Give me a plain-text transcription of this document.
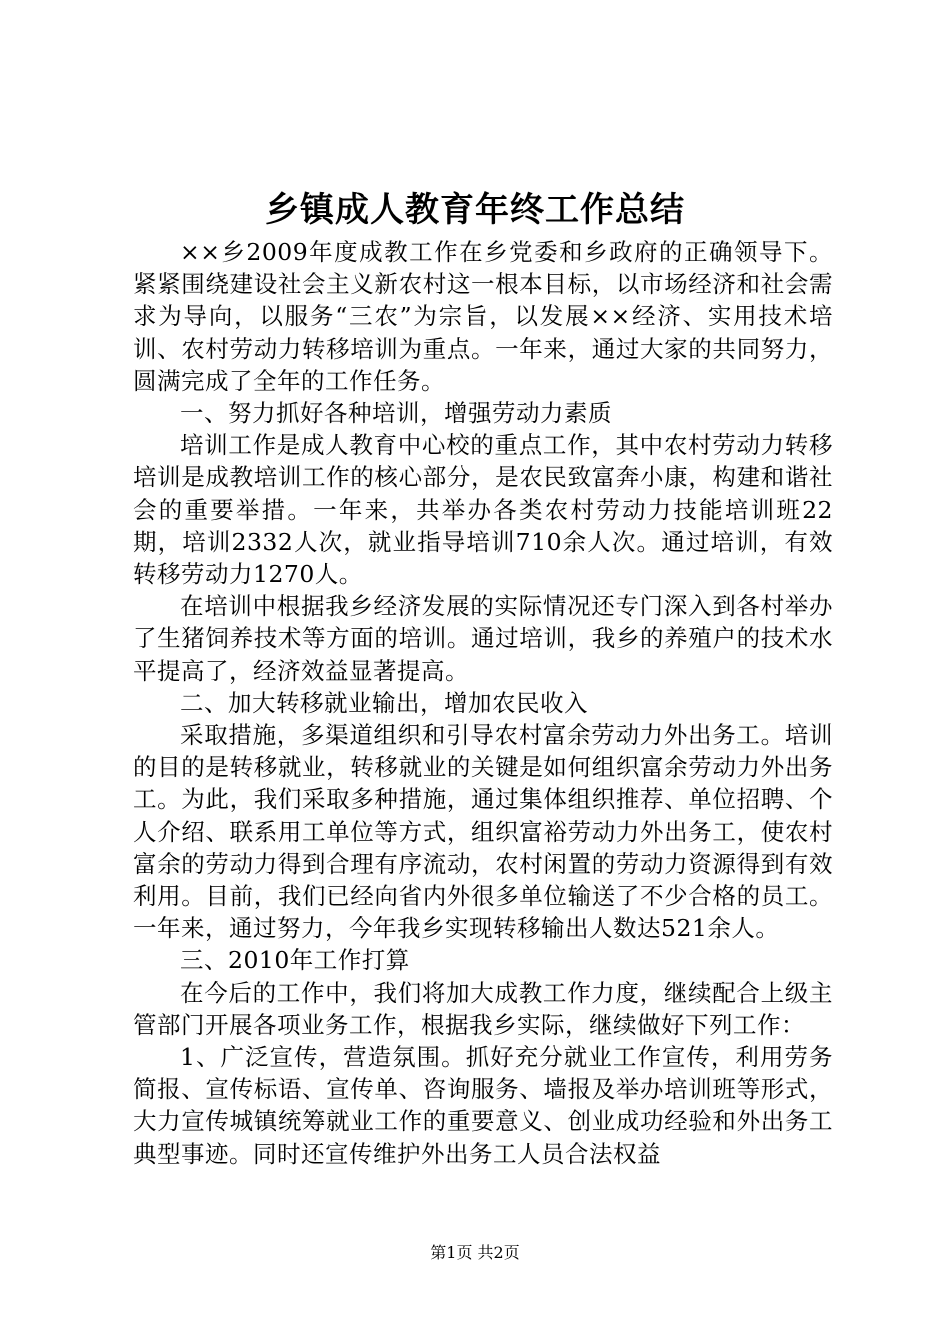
乡镇成人教育年终工作总结

××乡2009年度成教工作在乡党委和乡政府的正确领导下。紧紧围绕建设社会主义新农村这一根本目标，以市场经济和社会需求为导向，以服务“三农”为宗旨，以发展××经济、实用技术培训、农村劳动力转移培训为重点。一年来，通过大家的共同努力，圆满完成了全年的工作任务。

一、努力抓好各种培训，增强劳动力素质

培训工作是成人教育中心校的重点工作，其中农村劳动力转移培训是成教培训工作的核心部分，是农民致富奔小康，构建和谐社会的重要举措。一年来，共举办各类农村劳动力技能培训班22期，培训2332人次，就业指导培训710余人次。通过培训，有效转移劳动力1270人。

在培训中根据我乡经济发展的实际情况还专门深入到各村举办了生猪饲养技术等方面的培训。通过培训，我乡的养殖户的技术水平提高了，经济效益显著提高。

二、加大转移就业输出，增加农民收入

采取措施，多渠道组织和引导农村富余劳动力外出务工。培训的目的是转移就业，转移就业的关键是如何组织富余劳动力外出务工。为此，我们采取多种措施，通过集体组织推荐、单位招聘、个人介绍、联系用工单位等方式，组织富裕劳动力外出务工，使农村富余的劳动力得到合理有序流动，农村闲置的劳动力资源得到有效利用。目前，我们已经向省内外很多单位输送了不少合格的员工。一年来，通过努力，今年我乡实现转移输出人数达521余人。

三、2010年工作打算

在今后的工作中，我们将加大成教工作力度，继续配合上级主管部门开展各项业务工作，根据我乡实际，继续做好下列工作：

1、广泛宣传，营造氛围。抓好充分就业工作宣传，利用劳务简报、宣传标语、宣传单、咨询服务、墙报及举办培训班等形式，大力宣传城镇统筹就业工作的重要意义、创业成功经验和外出务工典型事迹。同时还宣传维护外出务工人员合法权益

第1页 共2页
